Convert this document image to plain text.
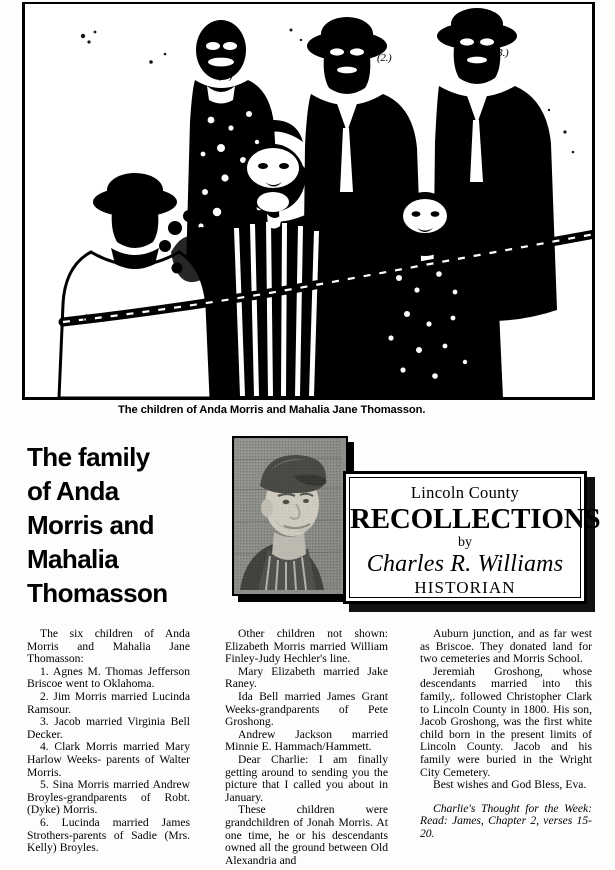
(1.)
(2.)	(3.)
(4)
The children of Anda Morris and Mahalia Jane Thomasson.
The family
of Anda
Morris and
Mahalia
Thomasson
Lincoln County
RECOLLECTIONS
by
Charles R. Williams
HISTORIAN

The six children of Anda Morris and Mahalia Jane Thomasson:

1. Agnes M. Thomas Jefferson Briscoe went to Oklahoma.

2. Jim Morris married Lucinda Ramsour.

3. Jacob married Virginia Bell Decker.

4. Clark Morris married Mary Harlow Weeks- parents of Walter Morris.

5. Sina Morris married Andrew Broyles-grandparents of Robt. (Dyke) Morris.

6. Lucinda married James Strothers-parents of Sadie (Mrs. Kelly) Broyles.

Other children not shown: Elizabeth Morris married William Finley-Judy Hechler's line.

Mary Elizabeth married Jake Raney.

Ida Bell married James Grant Weeks-grandparents of Pete Groshong.

Andrew Jackson married Minnie E. Hammach/Hammett.

Dear Charlie: I am finally getting around to sending you the picture that I called you about in January.

These children were grandchildren of Jonah Morris. At one time, he or his descendants owned all the ground between Old Alexandria and

Auburn junction, and as far west as Briscoe. They donated land for two cemeteries and Morris School.

Jeremiah Groshong, whose descendants married into this family,. followed Christopher Clark to Lincoln County in 1800. His son, Jacob Groshong, was the first white child born in the present limits of Lincoln County. Jacob and his family were buried in the Wright City Cemetery.

Best wishes and God Bless, Eva.

Charlie's Thought for the Week: Read: James, Chapter 2, verses 15-20.
